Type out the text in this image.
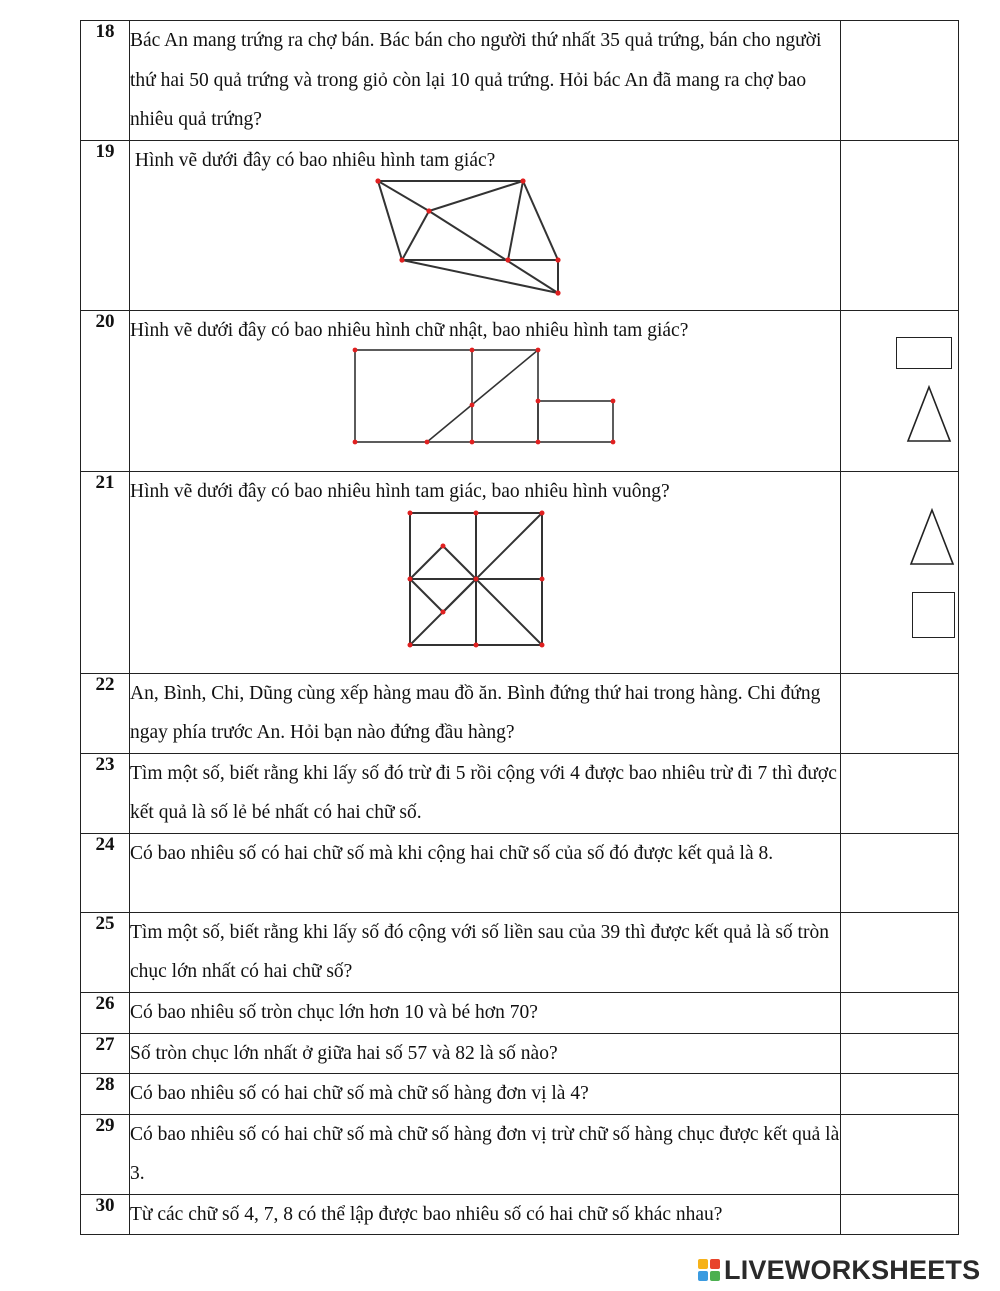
18	Bác An mang trứng ra chợ bán. Bác bán cho người thứ nhất 35 quả trứng, bán cho người thứ hai 50 quả trứng và trong giỏ còn lại 10 quả trứng. Hỏi bác An đã mang ra chợ bao nhiêu quả trứng?	
19	Hình vẽ dưới đây có bao nhiêu hình tam giác?	

20	Hình vẽ dưới đây có bao nhiêu hình chữ nhật, bao nhiêu hình tam giác?

21	Hình vẽ dưới đây có bao nhiêu hình tam giác, bao nhiêu hình vuông?

22	An, Bình, Chi, Dũng cùng xếp hàng mau đồ ăn. Bình đứng thứ hai trong hàng. Chi đứng ngay phía trước An. Hỏi bạn nào đứng đầu hàng?	
23	Tìm một số, biết rằng khi lấy số đó trừ đi 5 rồi cộng với 4 được bao nhiêu trừ đi 7 thì được kết quả là số lẻ bé nhất có hai chữ số.	
24	Có bao nhiêu số có hai chữ số mà khi cộng hai chữ số của số đó được kết quả là 8.	
25	Tìm một số, biết rằng khi lấy số đó cộng với số liền sau của 39 thì được kết quả là số tròn chục lớn nhất có hai chữ số?	
26	Có bao nhiêu số tròn chục lớn hơn 10 và bé hơn 70?	
27	Số tròn chục lớn nhất ở giữa hai số 57 và 82 là số nào?	
28	Có bao nhiêu số có hai chữ số mà chữ số hàng đơn vị là 4?	
29	Có bao nhiêu số có hai chữ số mà chữ số hàng đơn vị trừ chữ số hàng chục được kết quả là 3.	
30	Từ các chữ số 4, 7, 8 có thể lập được bao nhiêu số có hai chữ số khác nhau?	
LIVEWORKSHEETS
